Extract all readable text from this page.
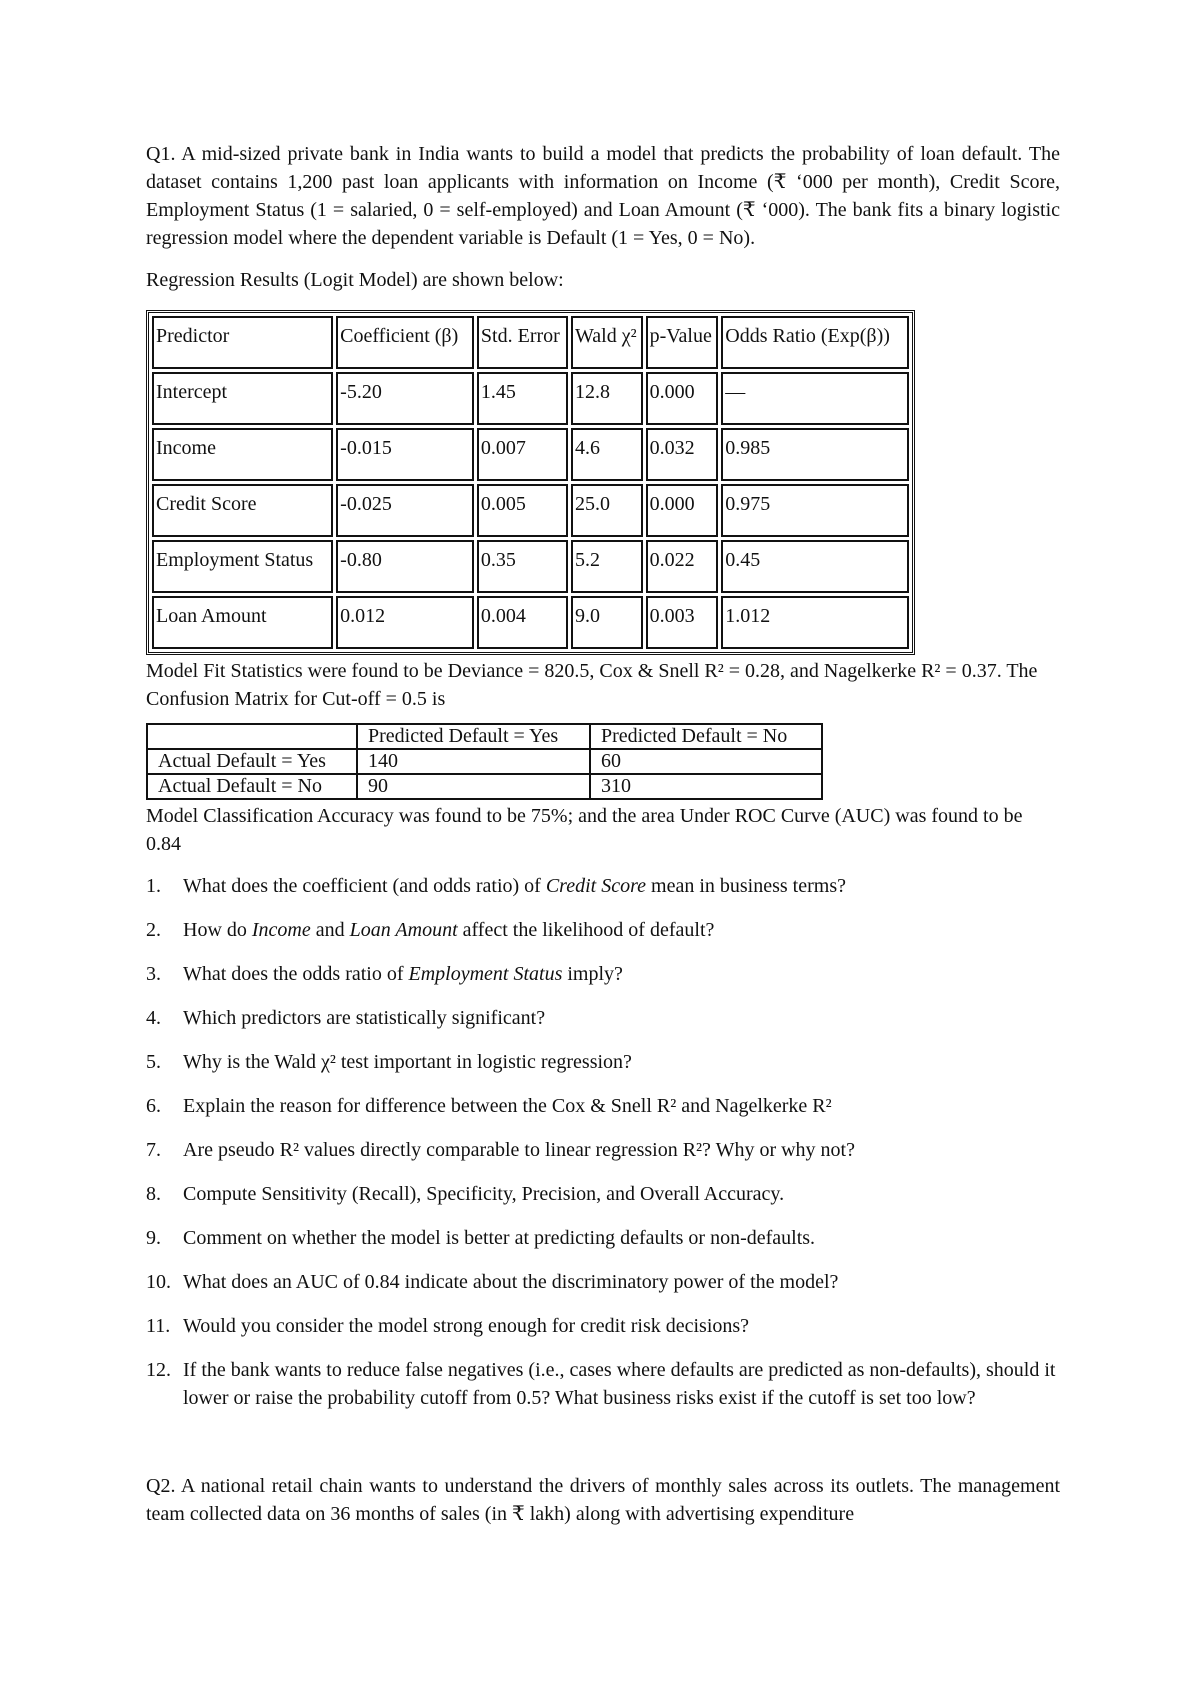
Q1. A mid-sized private bank in India wants to build a model that predicts the probability of loan default. The dataset contains 1,200 past loan applicants with information on Income (₹ ‘000 per month), Credit Score, Employment Status (1 = salaried, 0 = self-employed) and Loan Amount (₹ ‘000). The bank fits a binary logistic regression model where the dependent variable is Default (1 = Yes, 0 = No).

Regression Results (Logit Model) are shown below:

Predictor	Coefficient (β)	Std. Error	Wald χ²	p-Value	Odds Ratio (Exp(β))
Intercept	-5.20	1.45	12.8	0.000	—
Income	-0.015	0.007	4.6	0.032	0.985
Credit Score	-0.025	0.005	25.0	0.000	0.975
Employment Status	-0.80	0.35	5.2	0.022	0.45
Loan Amount	0.012	0.004	9.0	0.003	1.012

Model Fit Statistics were found to be Deviance = 820.5, Cox & Snell R² = 0.28, and Nagelkerke R² = 0.37. The Confusion Matrix for Cut-off = 0.5 is

	Predicted Default = Yes	Predicted Default = No
Actual Default = Yes	140	60
Actual Default = No	90	310

Model Classification Accuracy was found to be 75%; and the area Under ROC Curve (AUC) was found to be 0.84

1.	What does the coefficient (and odds ratio) of Credit Score mean in business terms?
2.	How do Income and Loan Amount affect the likelihood of default?
3.	What does the odds ratio of Employment Status imply?
4.	Which predictors are statistically significant?
5.	Why is the Wald χ² test important in logistic regression?
6.	Explain the reason for difference between the Cox & Snell R² and Nagelkerke R²
7.	Are pseudo R² values directly comparable to linear regression R²? Why or why not?
8.	Compute Sensitivity (Recall), Specificity, Precision, and Overall Accuracy.
9.	Comment on whether the model is better at predicting defaults or non-defaults.
10. What does an AUC of 0.84 indicate about the discriminatory power of the model?
11. Would you consider the model strong enough for credit risk decisions?
12. If the bank wants to reduce false negatives (i.e., cases where defaults are predicted as non-defaults), should it lower or raise the probability cutoff from 0.5? What business risks exist if the cutoff is set too low?

Q2. A national retail chain wants to understand the drivers of monthly sales across its outlets. The management team collected data on 36 months of sales (in ₹ lakh) along with advertising expenditure
